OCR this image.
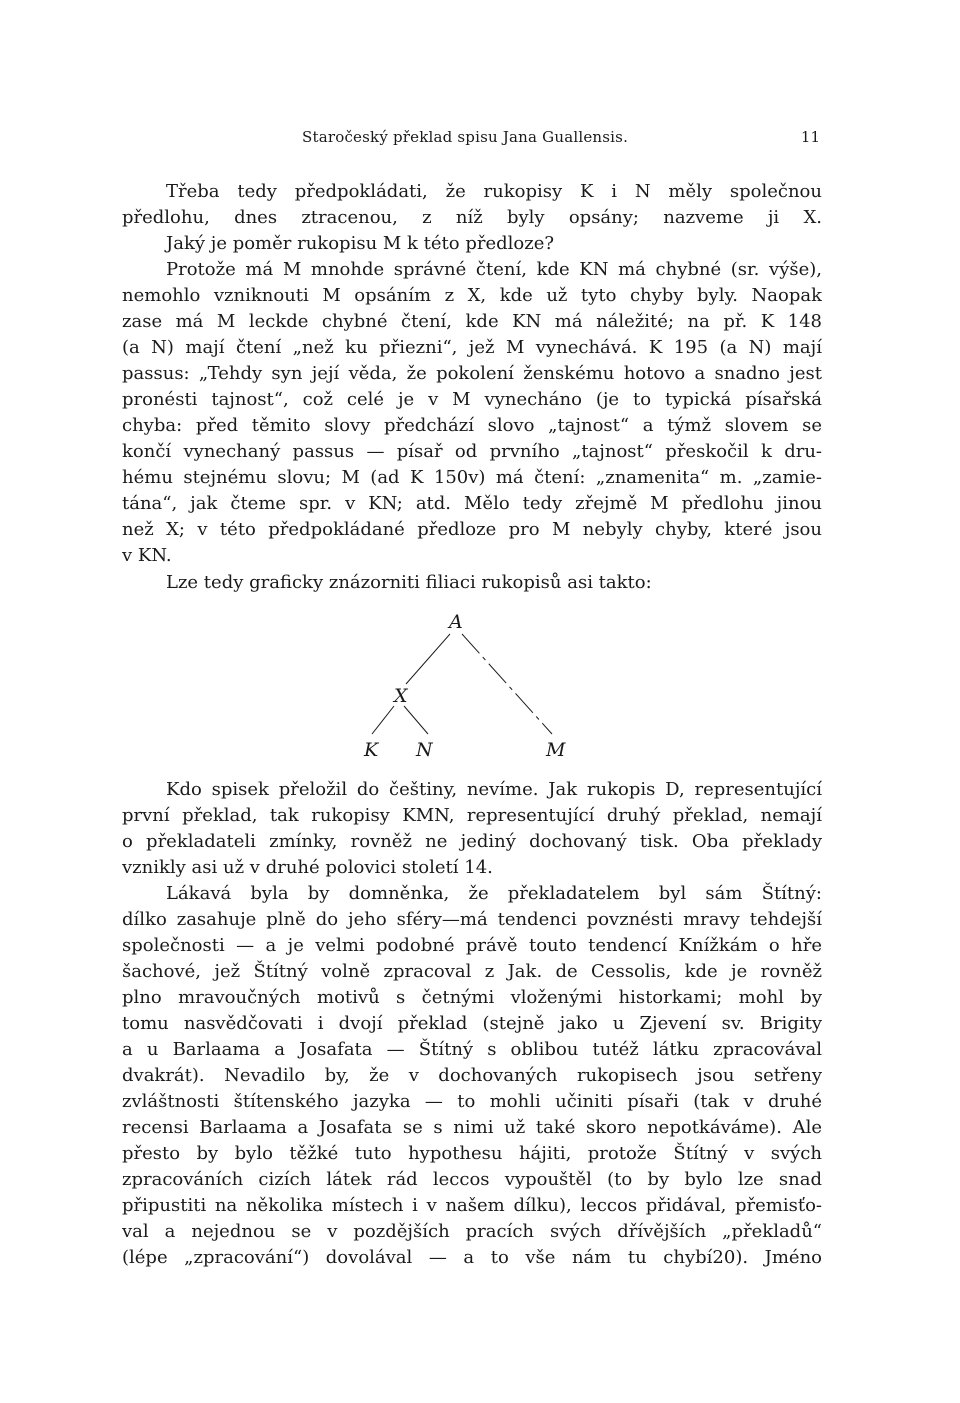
Staročeský překlad spisu Jana Guallensis.	11
Třeba tedy předpokládati, že rukopisy K i N měly společnou
předlohu, dnes ztracenou, z níž byly opsány; nazveme ji X.
Jaký je poměr rukopisu M k této předloze?
Protože má M mnohde správné čtení, kde KN má chybné (sr. výše),
nemohlo vzniknouti M opsáním z X, kde už tyto chyby byly. Naopak
zase má M leckde chybné čtení, kde KN má náležité; na př. K 148
(a N) mají čtení „než ku přiezni“, jež M vynechává. K 195 (a N) mají
passus: „Tehdy syn její věda, že pokolení ženskému hotovo a snadno jest
pronésti tajnost“, což celé je v M vynecháno (je to typická písařská
chyba: před těmito slovy předchází slovo „tajnost“ a týmž slovem se
končí vynechaný passus — písař od prvního „tajnost“ přeskočil k dru-
hému stejnému slovu; M (ad K 150v) má čtení: „znamenita“ m. „zamie-
tána“, jak čteme spr. v KN; atd. Mělo tedy zřejmě M předlohu jinou
než X; v této předpokládané předloze pro M nebyly chyby, které jsou
v KN.
Lze tedy graficky znázorniti filiaci rukopisů asi takto:
A
X
K N	M
Kdo spisek přeložil do češtiny, nevíme. Jak rukopis D, representující
první překlad, tak rukopisy KMN, representující druhý překlad, nemají
o překladateli zmínky, rovněž ne jediný dochovaný tisk. Oba překlady
vznikly asi už v druhé polovici století 14.
Lákavá byla by domněnka, že překladatelem byl sám Štítný:
dílko zasahuje plně do jeho sféry—má tendenci povznésti mravy tehdejší
společnosti — a je velmi podobné právě touto tendencí Knížkám o hře
šachové, jež Štítný volně zpracoval z Jak. de Cessolis, kde je rovněž
plno mravoučných motivů s četnými vloženými historkami; mohl by
tomu nasvědčovati i dvojí překlad (stejně jako u Zjevení sv. Brigity
a u Barlaama a Josafata — Štítný s oblibou tutéž látku zpracovával
dvakrát). Nevadilo by, že v dochovaných rukopisech jsou setřeny
zvláštnosti štítenského jazyka — to mohli učiniti písaři (tak v druhé
recensi Barlaama a Josafata se s nimi už také skoro nepotkáváme). Ale
přesto by bylo těžké tuto hypothesu hájiti, protože Štítný v svých
zpracováních cizích látek rád leccos vypouštěl (to by bylo lze snad
připustiti na několika místech i v našem dílku), leccos přidával, přemisťo-
val a nejednou se v pozdějších pracích svých dřívějších „překladů“
(lépe „zpracování“) dovolával — a to vše nám tu chybí20). Jméno
